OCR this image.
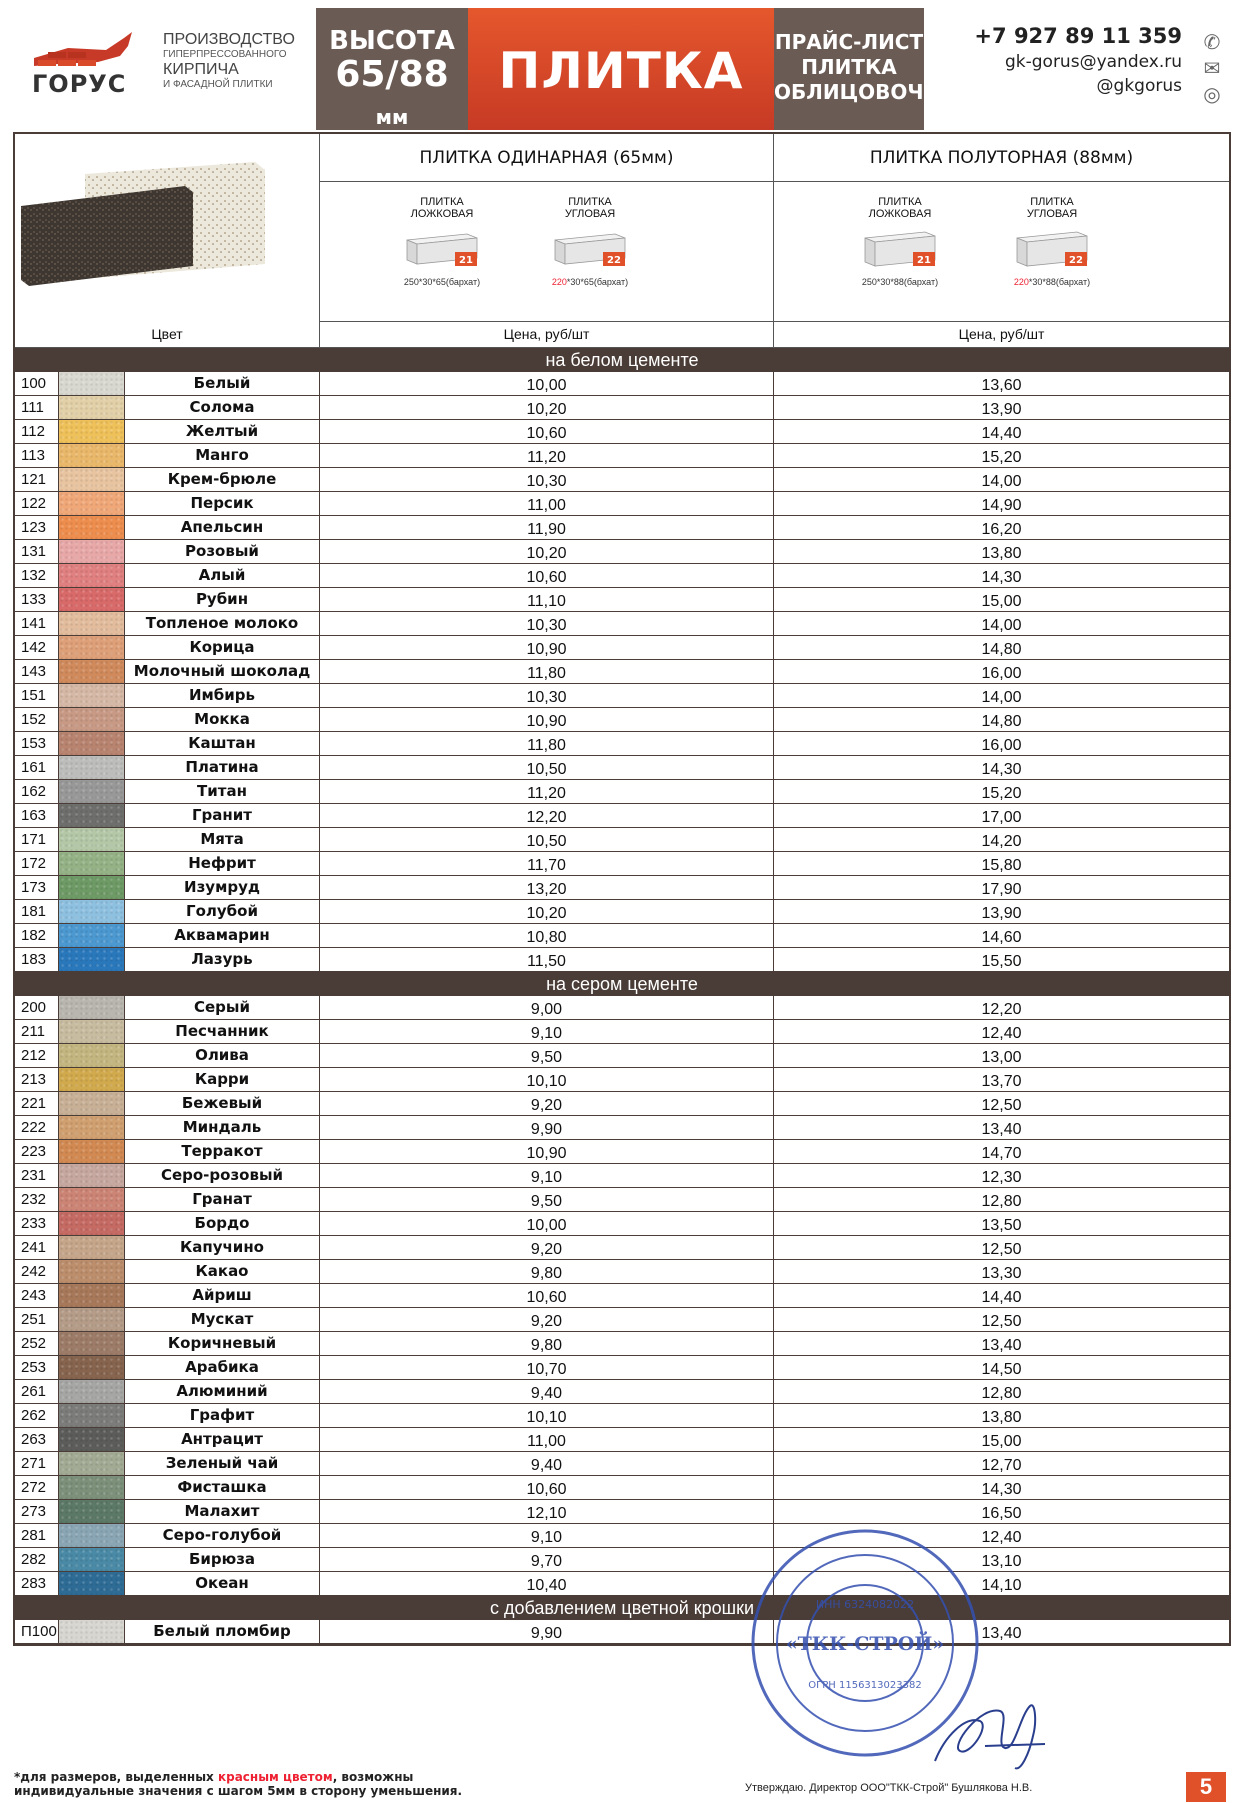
ГОРУС
ПРОИЗВОДСТВО
ГИПЕРПРЕССОВАННОГО
КИРПИЧА
И ФАСАДНОЙ ПЛИТКИ
ВЫСОТА
65/88 мм
ПЛИТКА	ПРАЙС-ЛИСТ
ПЛИТКА
ОБЛИЦОВОЧНАЯ
+7 927 89 11 359
gk-gorus@yandex.ru
@gkgorus
✆
✉
◎
ПЛИТКА ОДИНАРНАЯ (65мм)
ПЛИТКА
ЛОЖКОВАЯ
21
250*30*65(бархат)
ПЛИТКА
УГЛОВАЯ
22
220*30*65(бархат)
ПЛИТКА ПОЛУТОРНАЯ (88мм)
ПЛИТКА
ЛОЖКОВАЯ
21
250*30*88(бархат)
ПЛИТКА
УГЛОВАЯ
22
220*30*88(бархат)
Цвет	Цена, руб/шт	Цена, руб/шт
на белом цементе
100	Белый	10,00	13,60
111	Солома	10,20	13,90
112	Желтый	10,60	14,40
113	Манго	11,20	15,20
121	Крем-брюле	10,30	14,00
122	Персик	11,00	14,90
123	Апельсин	11,90	16,20
131	Розовый	10,20	13,80
132	Алый	10,60	14,30
133	Рубин	11,10	15,00
141	Топленое молоко	10,30	14,00
142	Корица	10,90	14,80
143	Молочный шоколад	11,80	16,00
151	Имбирь	10,30	14,00
152	Мокка	10,90	14,80
153	Каштан	11,80	16,00
161	Платина	10,50	14,30
162	Титан	11,20	15,20
163	Гранит	12,20	17,00
171	Мята	10,50	14,20
172	Нефрит	11,70	15,80
173	Изумруд	13,20	17,90
181	Голубой	10,20	13,90
182	Аквамарин	10,80	14,60
183	Лазурь	11,50	15,50
на сером цементе
200	Серый	9,00	12,20
211	Песчанник	9,10	12,40
212	Олива	9,50	13,00
213	Карри	10,10	13,70
221	Бежевый	9,20	12,50
222	Миндаль	9,90	13,40
223	Терракот	10,90	14,70
231	Серо-розовый	9,10	12,30
232	Гранат	9,50	12,80
233	Бордо	10,00	13,50
241	Капучино	9,20	12,50
242	Какао	9,80	13,30
243	Айриш	10,60	14,40
251	Мускат	9,20	12,50
252	Коричневый	9,80	13,40
253	Арабика	10,70	14,50
261	Алюминий	9,40	12,80
262	Графит	10,10	13,80
263	Антрацит	11,00	15,00
271	Зеленый чай	9,40	12,70
272	Фисташка	10,60	14,30
273	Малахит	12,10	16,50
281	Серо-голубой	9,10	12,40
282	Бирюза	9,70	13,10
283	Океан	10,40	14,10
с добавлением цветной крошки
П100	Белый пломбир	9,90	13,40
ИНН 6324082022
«ТКК-СТРОЙ»
ОГРН 1156313023382
*для размеров, выделенных красным цветом, возможны
индивидуальные значения с шагом 5мм в сторону уменьшения.	Утверждаю. Директор ООО"ТКК-Строй" Бушлякова Н.В.	5
